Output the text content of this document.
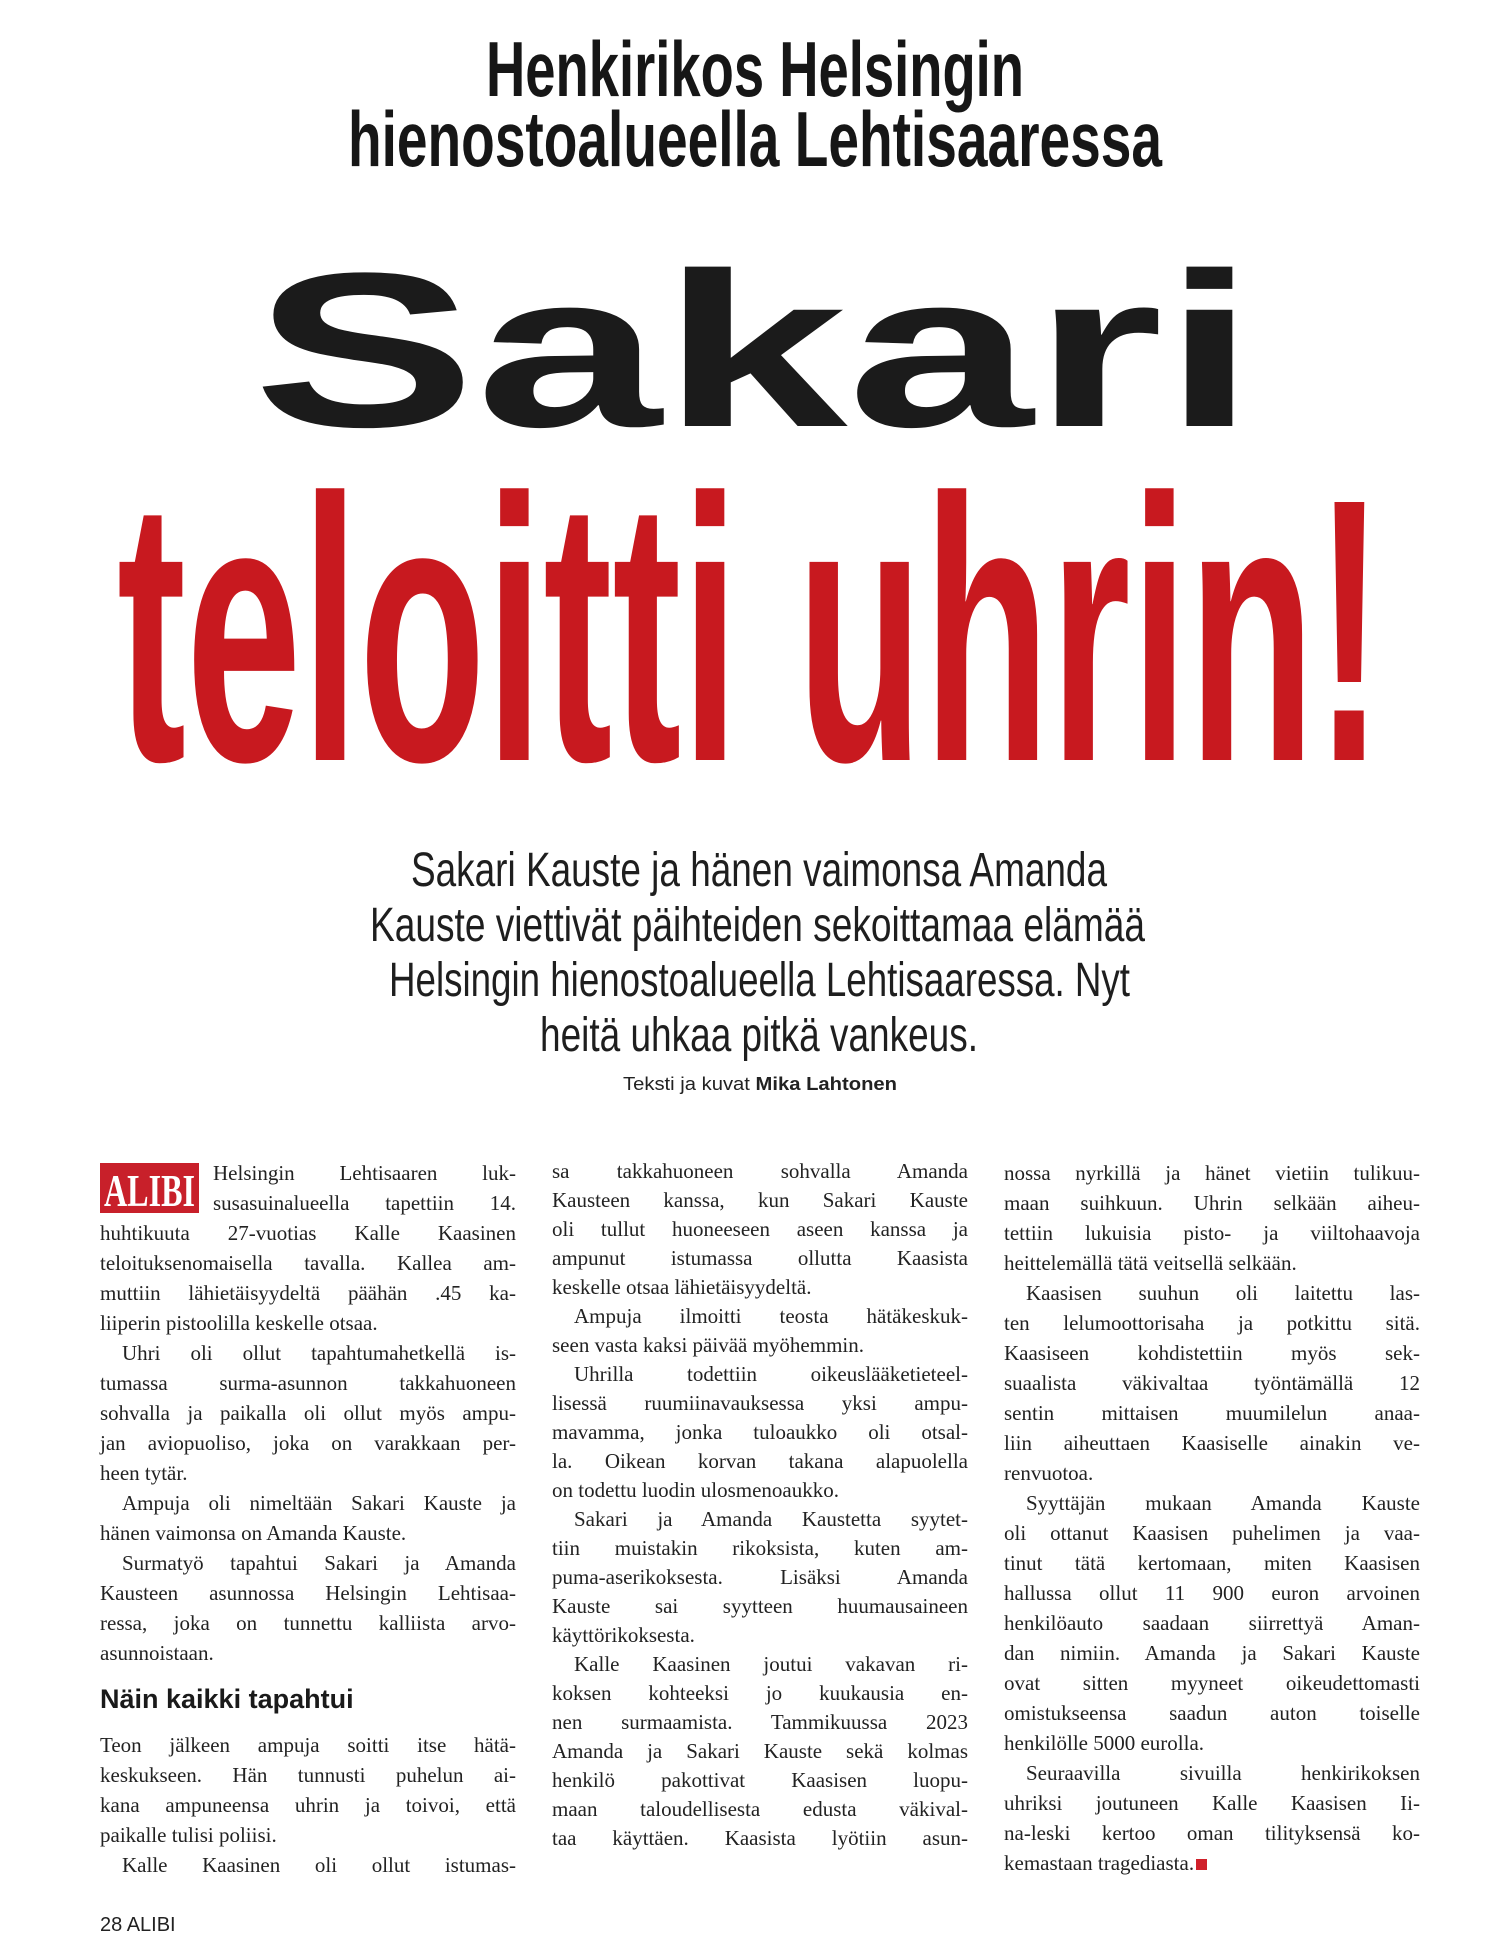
Henkirikos Helsingin
hienostoalueella Lehtisaaressa
Sakari
teloitti uhrin!
Sakari Kauste ja hänen vaimonsa Amanda
Kauste viettivät päihteiden sekoittamaa elämää
Helsingin hienostoalueella Lehtisaaressa. Nyt
heitä uhkaa pitkä vankeus.
Teksti ja kuvat Mika Lahtonen
ALIBI Helsingin Lehtisaaren luk-
susasuinalueella tapettiin 14.
huhtikuuta 27-vuotias Kalle Kaasinen
teloituksenomaisella tavalla. Kallea am-
muttiin lähietäisyydeltä päähän .45 ka-
liiperin pistoolilla keskelle otsaa.
Uhri oli ollut tapahtumahetkellä is-
tumassa surma-asunnon takkahuoneen
sohvalla ja paikalla oli ollut myös ampu-
jan aviopuoliso, joka on varakkaan per-
heen tytär.
Ampuja oli nimeltään Sakari Kauste ja
hänen vaimonsa on Amanda Kauste.
Surmatyö tapahtui Sakari ja Amanda
Kausteen asunnossa Helsingin Lehtisaa-
ressa, joka on tunnettu kalliista arvo-
asunnoistaan.
Näin kaikki tapahtui
Teon jälkeen ampuja soitti itse hätä-
keskukseen. Hän tunnusti puhelun ai-
kana ampuneensa uhrin ja toivoi, että
paikalle tulisi poliisi.
Kalle Kaasinen oli ollut istumas-
sa takkahuoneen sohvalla Amanda
Kausteen kanssa, kun Sakari Kauste
oli tullut huoneeseen aseen kanssa ja
ampunut istumassa ollutta Kaasista
keskelle otsaa lähietäisyydeltä.
Ampuja ilmoitti teosta hätäkeskuk-
seen vasta kaksi päivää myöhemmin.
Uhrilla todettiin oikeuslääketieteel-
lisessä ruumiinavauksessa yksi ampu-
mavamma, jonka tuloaukko oli otsal-
la. Oikean korvan takana alapuolella
on todettu luodin ulosmenoaukko.
Sakari ja Amanda Kaustetta syytet-
tiin muistakin rikoksista, kuten am-
puma-aserikoksesta. Lisäksi Amanda
Kauste sai syytteen huumausaineen
käyttörikoksesta.
Kalle Kaasinen joutui vakavan ri-
koksen kohteeksi jo kuukausia en-
nen surmaamista. Tammikuussa 2023
Amanda ja Sakari Kauste sekä kolmas
henkilö pakottivat Kaasisen luopu-
maan taloudellisesta edusta väkival-
taa käyttäen. Kaasista lyötiin asun-
nossa nyrkillä ja hänet vietiin tulikuu-
maan suihkuun. Uhrin selkään aiheu-
tettiin lukuisia pisto- ja viiltohaavoja
heittelemällä tätä veitsellä selkään.
Kaasisen suuhun oli laitettu las-
ten lelumoottorisaha ja potkittu sitä.
Kaasiseen kohdistettiin myös sek-
suaalista väkivaltaa työntämällä 12
sentin mittaisen muumilelun anaa-
liin aiheuttaen Kaasiselle ainakin ve-
renvuotoa.
Syyttäjän mukaan Amanda Kauste
oli ottanut Kaasisen puhelimen ja vaa-
tinut tätä kertomaan, miten Kaasisen
hallussa ollut 11 900 euron arvoinen
henkilöauto saadaan siirrettyä Aman-
dan nimiin. Amanda ja Sakari Kauste
ovat sitten myyneet oikeudettomasti
omistukseensa saadun auton toiselle
henkilölle 5000 eurolla.
Seuraavilla sivuilla henkirikoksen
uhriksi joutuneen Kalle Kaasisen Ii-
na-leski kertoo oman tilityksensä ko-
kemastaan tragediasta.
28 ALIBI
